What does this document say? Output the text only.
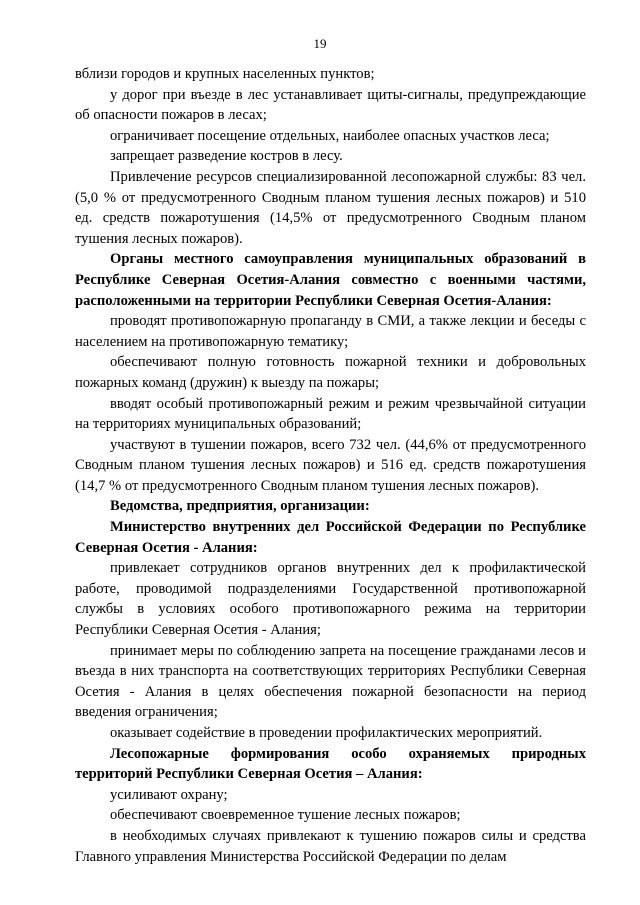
19

вблизи городов и крупных населенных пунктов;

у дорог при въезде в лес устанавливает щиты-сигналы, предупреждающие об опасности пожаров в лесах;

ограничивает посещение отдельных, наиболее опасных участков леса;

запрещает разведение костров в лесу.

Привлечение ресурсов специализированной лесопожарной службы: 83 чел. (5,0 % от предусмотренного Сводным планом тушения лесных пожаров) и 510 ед. средств пожаротушения (14,5% от предусмотренного Сводным планом тушения лесных пожаров).

Органы местного самоуправления муниципальных образований в Республике Северная Осетия-Алания совместно с военными частями, расположенными на территории Республики Северная Осетия-Алания:

проводят противопожарную пропаганду в СМИ, а также лекции и беседы с населением на противопожарную тематику;

обеспечивают полную готовность пожарной техники и добровольных пожарных команд (дружин) к выезду па пожары;

вводят особый противопожарный режим и режим чрезвычайной ситуации на территориях муниципальных образований;

участвуют в тушении пожаров, всего 732 чел. (44,6% от предусмотренного Сводным планом тушения лесных пожаров) и 516 ед. средств пожаротушения (14,7 % от предусмотренного Сводным планом тушения лесных пожаров).

Ведомства, предприятия, организации:

Министерство внутренних дел Российской Федерации по Республике Северная Осетия - Алания:

привлекает сотрудников органов внутренних дел к профилактической работе, проводимой подразделениями Государственной противопожарной службы в условиях особого противопожарного режима на территории Республики Северная Осетия - Алания;

принимает меры по соблюдению запрета на посещение гражданами лесов и въезда в них транспорта на соответствующих территориях Республики Северная Осетия - Алания в целях обеспечения пожарной безопасности на период введения ограничения;

оказывает содействие в проведении профилактических мероприятий.

Лесопожарные формирования особо охраняемых природных территорий Республики Северная Осетия – Алания:

усиливают охрану;

обеспечивают своевременное тушение лесных пожаров;

в необходимых случаях привлекают к тушению пожаров силы и средства Главного управления Министерства Российской Федерации по делам
